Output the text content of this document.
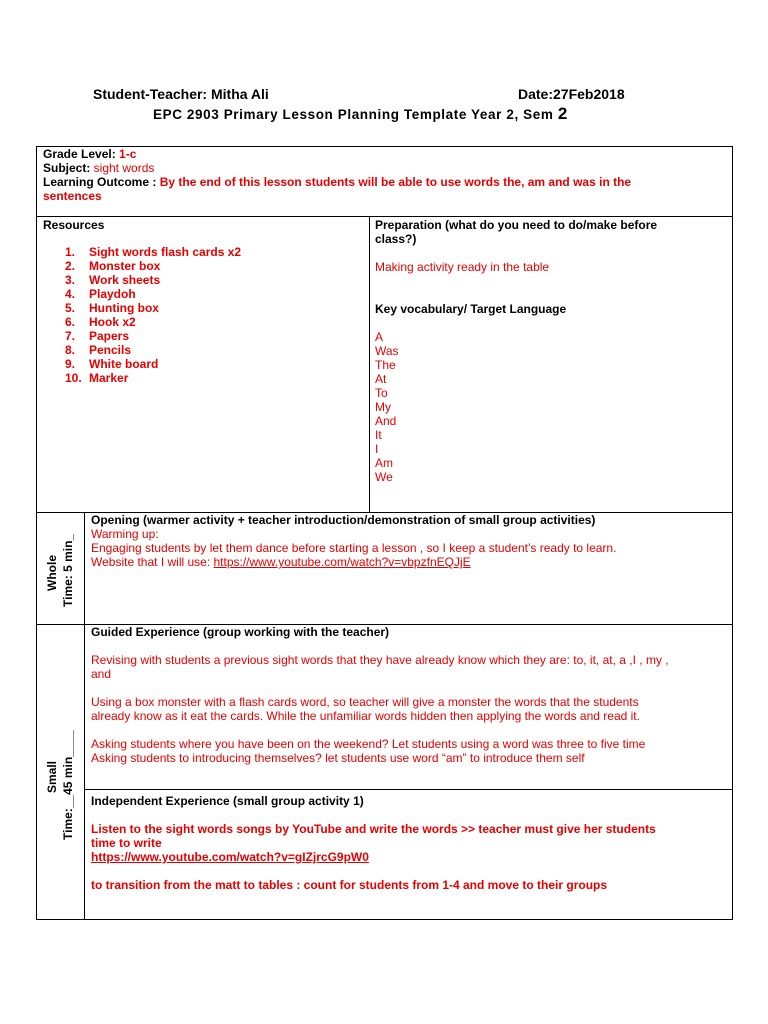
Student-Teacher: Mitha Ali	Date:27Feb2018
EPC 2903 Primary Lesson Planning Template Year 2, Sem 2
Grade Level: 1-c
Subject: sight words
Learning Outcome : By the end of this lesson students will be able to use words the, am and was in the
sentences
Resources
1. Sight words flash cards x2
2. Monster box
3. Work sheets
4. Playdoh
5. Hunting box
6. Hook x2
7. Papers
8. Pencils
9. White board
10. Marker
Preparation (what do you need to do/make before
class?)
Making activity ready in the table
Key vocabulary/ Target Language
A
Was
The
At
To
My
And
It
I
Am
We
Whole Time: 5 min_
Opening (warmer activity + teacher introduction/demonstration of small group activities)
Warming up:
Engaging students by let them dance before starting a lesson , so I keep a student’s ready to learn.
Website that I will use: https://www.youtube.com/watch?v=vbpzfnEQJjE
Small Time:__45 min____
Guided Experience (group working with the teacher)
Revising with students a previous sight words that they have already know which they are: to, it, at, a ,I , my ,
and
Using a box monster with a flash cards word, so teacher will give a monster the words that the students
already know as it eat the cards. While the unfamiliar words hidden then applying the words and read it.
Asking students where you have been on the weekend? Let students using a word was three to five time
Asking students to introducing themselves? let students use word “am” to introduce them self
Independent Experience (small group activity 1)
Listen to the sight words songs by YouTube and write the words >> teacher must give her students
time to write
https://www.youtube.com/watch?v=gIZjrcG9pW0
to transition from the matt to tables : count for students from 1-4 and move to their groups
